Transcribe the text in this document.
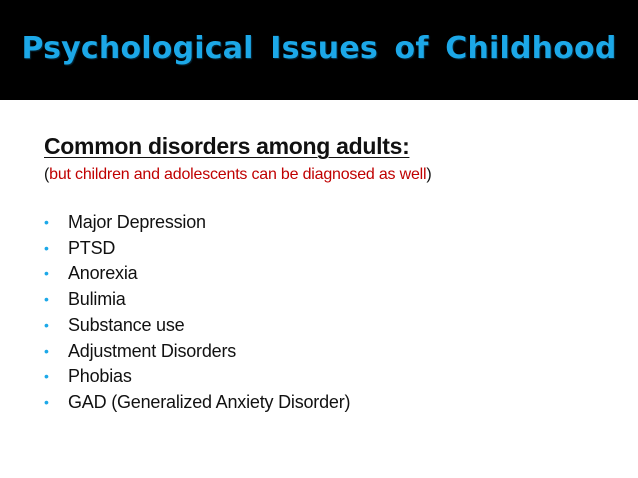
Psychological Issues of Childhood
Common disorders among adults:
(but children and adolescents can be diagnosed as well)
• Major Depression
• PTSD
• Anorexia
• Bulimia
• Substance use
• Adjustment Disorders
• Phobias
• GAD (Generalized Anxiety Disorder)
